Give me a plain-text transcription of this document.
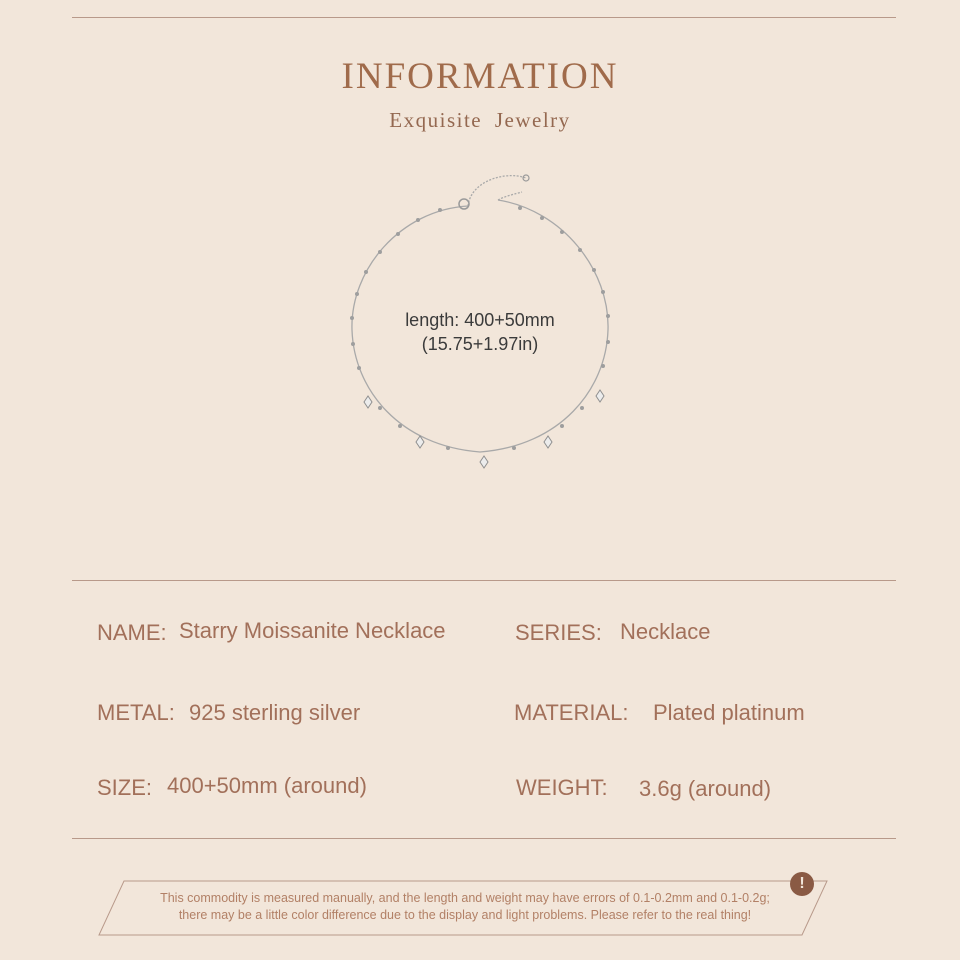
INFORMATION
Exquisite Jewelry
length: 400+50mm
(15.75+1.97in)
NAME: Starry Moissanite Necklace	SERIES: Necklace
METAL: 925 sterling silver	MATERIAL: Plated platinum
SIZE: 400+50mm (around)	WEIGHT: 3.6g (around)
This commodity is measured manually, and the length and weight may have errors of 0.1-0.2mm and 0.1-0.2g;
there may be a little color difference due to the display and light problems. Please refer to the real thing!
!
